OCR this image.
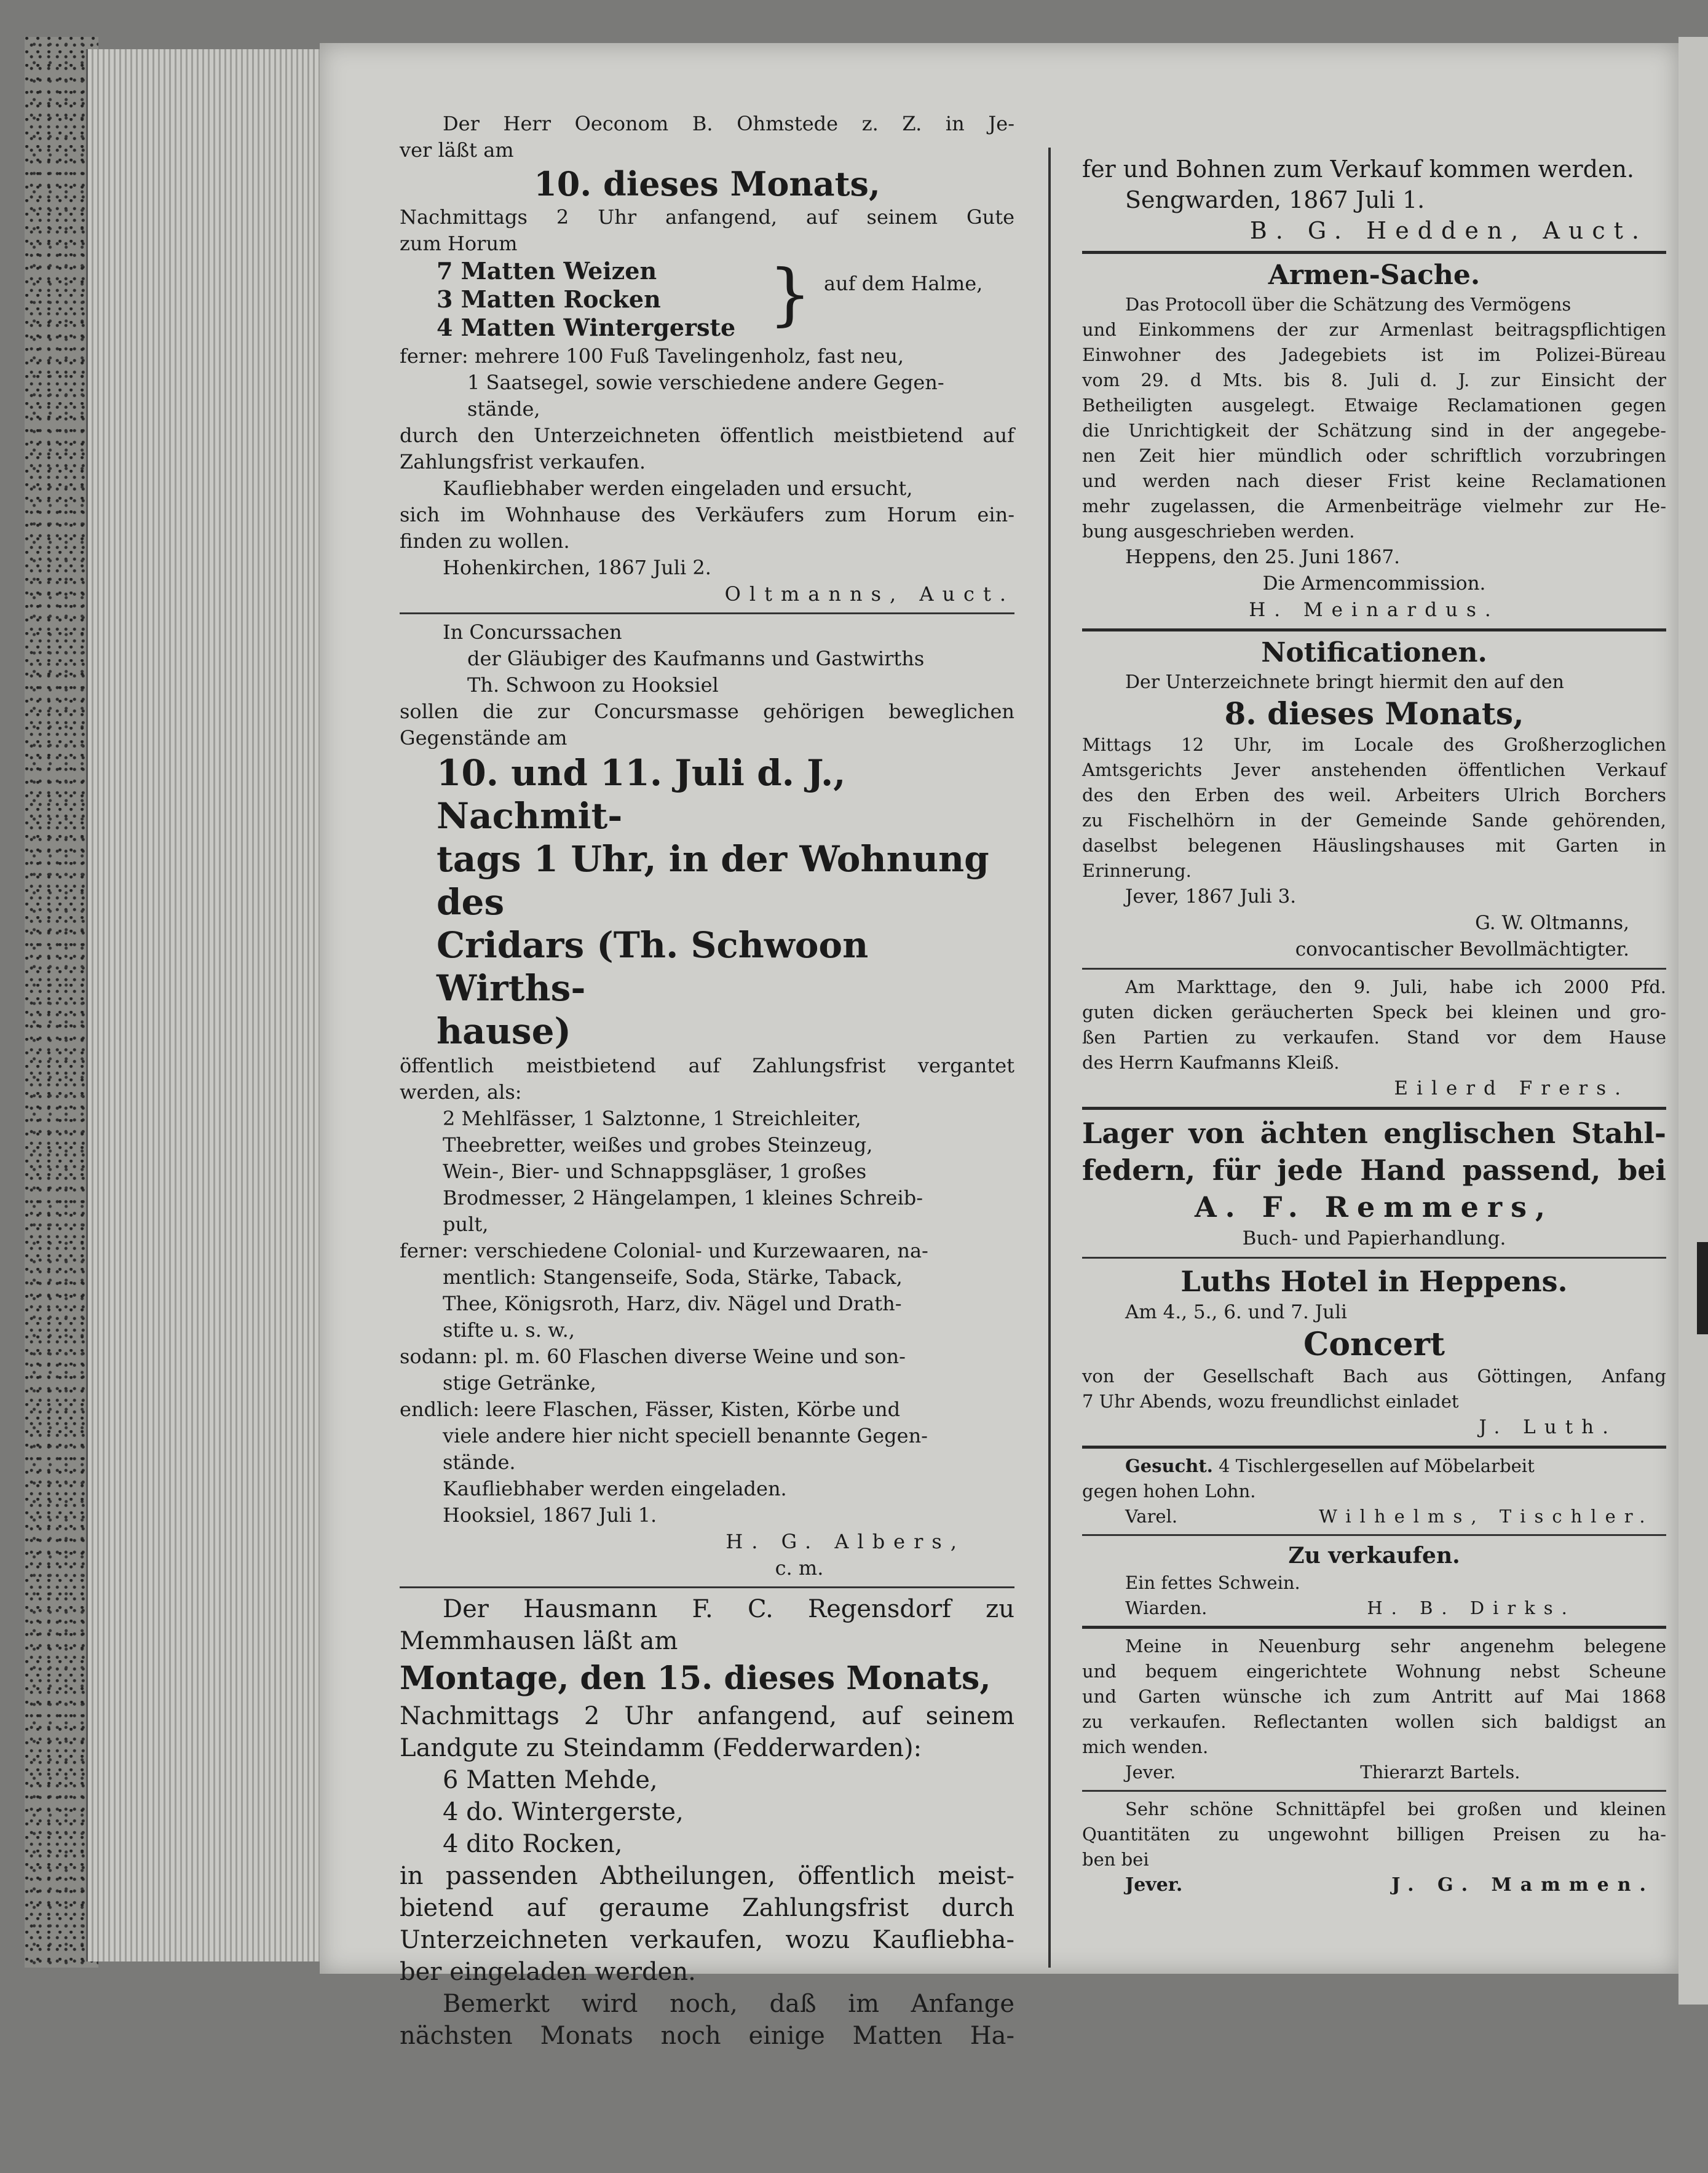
Der Herr Oeconom B. Ohmstede z. Z. in Je-
ver läßt am
10. dieses Monats,
Nachmittags 2 Uhr anfangend, auf seinem Gute
zum Horum
7 Matten Weizen
3 Matten Rocken
4 Matten Wintergerste } auf dem Halme,
ferner: mehrere 100 Fuß Tavelingenholz, fast neu,
1 Saatsegel, sowie verschiedene andere Gegen-
stände,
durch den Unterzeichneten öffentlich meistbietend auf
Zahlungsfrist verkaufen.
Kaufliebhaber werden eingeladen und ersucht,
sich im Wohnhause des Verkäufers zum Horum ein-
finden zu wollen.
Hohenkirchen, 1867 Juli 2.
Oltmanns, Auct.
In Concurssachen
der Gläubiger des Kaufmanns und Gastwirths
Th. Schwoon zu Hooksiel
sollen die zur Concursmasse gehörigen beweglichen
Gegenstände am
10. und 11. Juli d. J., Nachmit-
tags 1 Uhr, in der Wohnung des
Cridars (Th. Schwoon Wirths-
hause)
öffentlich meistbietend auf Zahlungsfrist vergantet
werden, als:
2 Mehlfässer, 1 Salztonne, 1 Streichleiter,
Theebretter, weißes und grobes Steinzeug,
Wein-, Bier- und Schnappsgläser, 1 großes
Brodmesser, 2 Hängelampen, 1 kleines Schreib-
pult,
ferner: verschiedene Colonial- und Kurzewaaren, na-
mentlich: Stangenseife, Soda, Stärke, Taback,
Thee, Königsroth, Harz, div. Nägel und Drath-
stifte u. s. w.,
sodann: pl. m. 60 Flaschen diverse Weine und son-
stige Getränke,
endlich: leere Flaschen, Fässer, Kisten, Körbe und
viele andere hier nicht speciell benannte Gegen-
stände.
Kaufliebhaber werden eingeladen.
Hooksiel, 1867 Juli 1.
H. G. Albers,
c. m.
Der Hausmann F. C. Regensdorf zu
Memmhausen läßt am
Montage, den 15. dieses Monats,
Nachmittags 2 Uhr anfangend, auf seinem
Landgute zu Steindamm (Fedderwarden):
6 Matten Mehde,
4 do. Wintergerste,
4 dito Rocken,
in passenden Abtheilungen, öffentlich meist-
bietend auf geraume Zahlungsfrist durch
Unterzeichneten verkaufen, wozu Kaufliebha-
ber eingeladen werden.
Bemerkt wird noch, daß im Anfange
nächsten Monats noch einige Matten Ha-
fer und Bohnen zum Verkauf kommen werden.
Sengwarden, 1867 Juli 1.
B. G. Hedden, Auct.
Armen-Sache.
Das Protocoll über die Schätzung des Vermögens
und Einkommens der zur Armenlast beitragspflichtigen
Einwohner des Jadegebiets ist im Polizei-Büreau
vom 29. d Mts. bis 8. Juli d. J. zur Einsicht der
Betheiligten ausgelegt. Etwaige Reclamationen gegen
die Unrichtigkeit der Schätzung sind in der angegebe-
nen Zeit hier mündlich oder schriftlich vorzubringen
und werden nach dieser Frist keine Reclamationen
mehr zugelassen, die Armenbeiträge vielmehr zur He-
bung ausgeschrieben werden.
Heppens, den 25. Juni 1867.
Die Armencommission.
H. Meinardus.
Notificationen.
Der Unterzeichnete bringt hiermit den auf den
8. dieses Monats,
Mittags 12 Uhr, im Locale des Großherzoglichen
Amtsgerichts Jever anstehenden öffentlichen Verkauf
des den Erben des weil. Arbeiters Ulrich Borchers
zu Fischelhörn in der Gemeinde Sande gehörenden,
daselbst belegenen Häuslingshauses mit Garten in
Erinnerung.
Jever, 1867 Juli 3.
G. W. Oltmanns,
convocantischer Bevollmächtigter.
Am Markttage, den 9. Juli, habe ich 2000 Pfd.
guten dicken geräucherten Speck bei kleinen und gro-
ßen Partien zu verkaufen. Stand vor dem Hause
des Herrn Kaufmanns Kleiß.
Eilerd Frers.
Lager von ächten englischen Stahl-
federn, für jede Hand passend, bei
A. F. Remmers,
Buch- und Papierhandlung.
Luths Hotel in Heppens.
Am 4., 5., 6. und 7. Juli
Concert
von der Gesellschaft Bach aus Göttingen, Anfang
7 Uhr Abends, wozu freundlichst einladet
J. Luth.
Gesucht. 4 Tischlergesellen auf Möbelarbeit
gegen hohen Lohn.
Varel.	Wilhelms, Tischler.
Zu verkaufen.
Ein fettes Schwein.
Wiarden.	H. B. Dirks.
Meine in Neuenburg sehr angenehm belegene
und bequem eingerichtete Wohnung nebst Scheune
und Garten wünsche ich zum Antritt auf Mai 1868
zu verkaufen. Reflectanten wollen sich baldigst an
mich wenden.
Jever.	Thierarzt Bartels.
Sehr schöne Schnittäpfel bei großen und kleinen
Quantitäten zu ungewohnt billigen Preisen zu ha-
ben bei
Jever.	J. G. Mammen.
